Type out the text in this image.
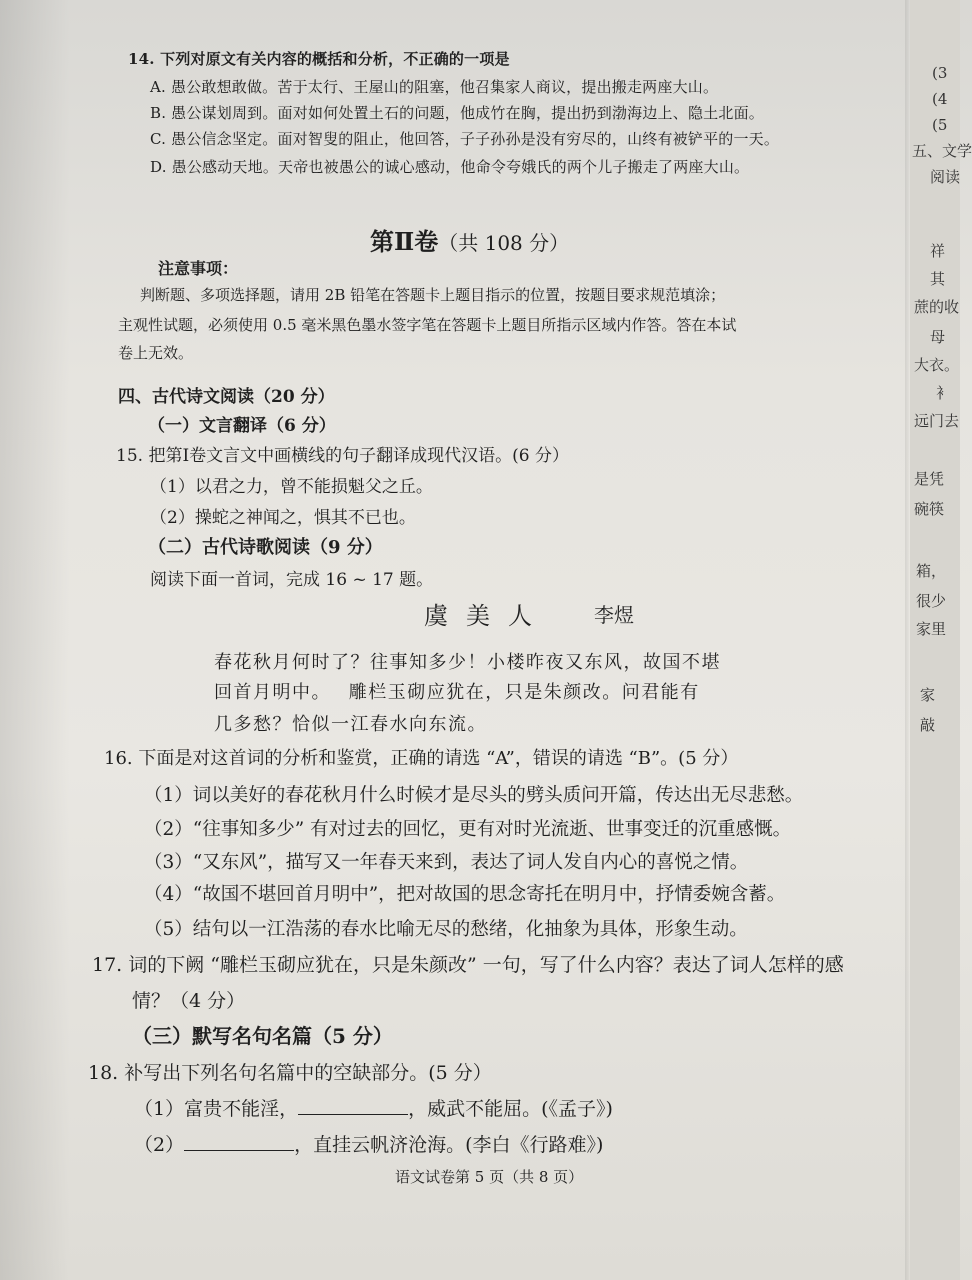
(3
(4
(5
五、文学
阅读
祥
其
蔗的收
母
大衣。
衤
远门去
是凭
碗筷
箱，
很少
家里
家
敲
14. 下列对原文有关内容的概括和分析，不正确的一项是
A. 愚公敢想敢做。苦于太行、王屋山的阻塞，他召集家人商议，提出搬走两座大山。
B. 愚公谋划周到。面对如何处置土石的问题，他成竹在胸，提出扔到渤海边上、隐土北面。
C. 愚公信念坚定。面对智叟的阻止，他回答，子子孙孙是没有穷尽的，山终有被铲平的一天。
D. 愚公感动天地。天帝也被愚公的诚心感动，他命令夸娥氏的两个儿子搬走了两座大山。
第Ⅱ卷（共 108 分）
注意事项：
判断题、多项选择题，请用 2B 铅笔在答题卡上题目指示的位置，按题目要求规范填涂；
主观性试题，必须使用 0.5 毫米黑色墨水签字笔在答题卡上题目所指示区域内作答。答在本试
卷上无效。
四、古代诗文阅读（20 分）
（一）文言翻译（6 分）
15. 把第Ⅰ卷文言文中画横线的句子翻译成现代汉语。(6 分）
（1）以君之力，曾不能损魁父之丘。
（2）操蛇之神闻之，惧其不已也。
（二）古代诗歌阅读（9 分）
阅读下面一首词，完成 16 ~ 17 题。
虞美人 李煜
春花秋月何时了？往事知多少！小楼昨夜又东风，故国不堪
回首月明中。　 雕栏玉砌应犹在，只是朱颜改。问君能有
几多愁？恰似一江春水向东流。
16. 下面是对这首词的分析和鉴赏，正确的请选 “A”，错误的请选 “B”。(5 分）
（1）词以美好的春花秋月什么时候才是尽头的劈头质问开篇，传达出无尽悲愁。
（2）“往事知多少” 有对过去的回忆，更有对时光流逝、世事变迁的沉重感慨。
（3）“又东风”，描写又一年春天来到，表达了词人发自内心的喜悦之情。
（4）“故国不堪回首月明中”，把对故国的思念寄托在明月中，抒情委婉含蓄。
（5）结句以一江浩荡的春水比喻无尽的愁绪，化抽象为具体，形象生动。
17. 词的下阙 “雕栏玉砌应犹在，只是朱颜改” 一句，写了什么内容？表达了词人怎样的感
情？（4 分）
（三）默写名句名篇（5 分）
18. 补写出下列名句名篇中的空缺部分。(5 分）
（1）富贵不能淫，	，威武不能屈。(《孟子》)
（2）	，直挂云帆济沧海。(李白《行路难》)
语文试卷第 5 页（共 8 页）
